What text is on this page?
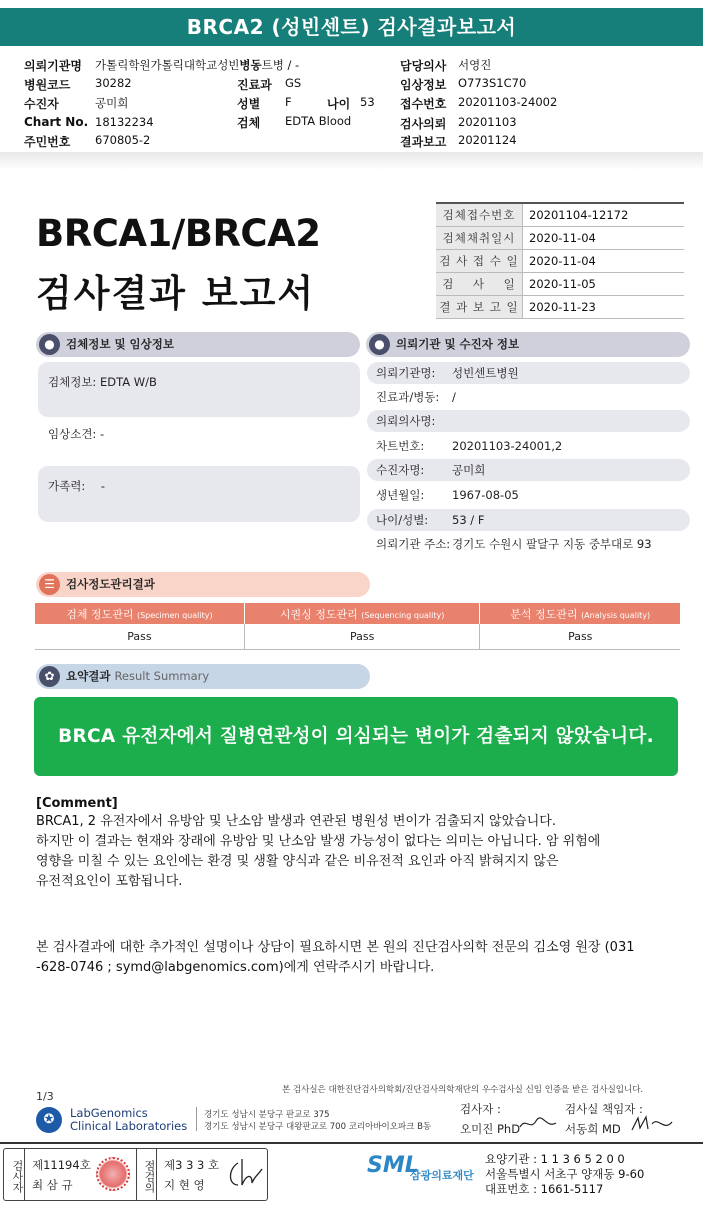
BRCA2 (성빈센트) 검사결과보고서
의뢰기관명 가톨릭학원가톨릭대학교성빈병동트병 / -	담당의사 서영진
병원코드 30282	진료과 GS	임상정보 O773S1C70
수진자	공미희	성별 F	나이 53 접수번호 20201103-24002
Chart No. 18132234	검체 EDTA Blood	검사의뢰 20201103
주민번호 670805-2	결과보고 20201124
BRCA1/BRCA2
검사결과 보고서
검체접수번호	20201104-12172
검체채취일시	2020-11-04
검 사 접 수 일 2020-11-04
검    사    일	2020-11-05
결 과 보 고 일 2020-11-23
● 검체정보 및 임상정보
검체정보: EDTA W/B
임상소견: -
가족력: -
● 의뢰기관 및 수진자 정보
의뢰기관명: 성빈센트병원
진료과/병동: /
의뢰의사명:
차트번호: 20201103-24001,2
수진자명: 공미희
생년월일: 1967-08-05
나이/성별: 53 / F
의뢰기관 주소: 경기도 수원시 팔달구 지동 중부대로 93
☰ 검사정도관리결과
검체 정도관리 (Specimen quality)	시퀀싱 정도관리 (Sequencing quality)	분석 정도관리 (Analysis quality)
Pass	Pass	Pass
✿ 요약결과 Result Summary
BRCA 유전자에서 질병연관성이 의심되는 변이가 검출되지 않았습니다.
[Comment]
BRCA1, 2 유전자에서 유방암 및 난소암 발생과 연관된 병원성 변이가 검출되지 않았습니다.
하지만 이 결과는 현재와 장래에 유방암 및 난소암 발생 가능성이 없다는 의미는 아닙니다. 암 위험에
영향을 미칠 수 있는 요인에는 환경 및 생활 양식과 같은 비유전적 요인과 아직 밝혀지지 않은
유전적요인이 포함됩니다.
본 검사결과에 대한 추가적인 설명이나 상담이 필요하시면 본 원의 진단검사의학 전문의 김소영 원장 (031
-628-0746 ; symd@labgenomics.com)에게 연락주시기 바랍니다.
본 검사실은 대한진단검사의학회/진단검사의학재단의 우수검사실 신임 인증을 받은 검사실입니다.
1/3
✪	LabGenomics
Clinical Laboratories
경기도 성남시 분당구 판교로 375
경기도 성남시 분당구 대왕판교로 700 코리아바이오파크 B동
검사자 :
오미진 PhD
검사실 책임자 :
서동희 MD
검사자 제11194호
최 삼 규	점검의 제3 3 3 호
지 현 영
SML
삼광의료재단
요양기관 : 1 1 3 6 5 2 0 0
서울특별시 서초구 양재동 9-60
대표번호 : 1661-5117
